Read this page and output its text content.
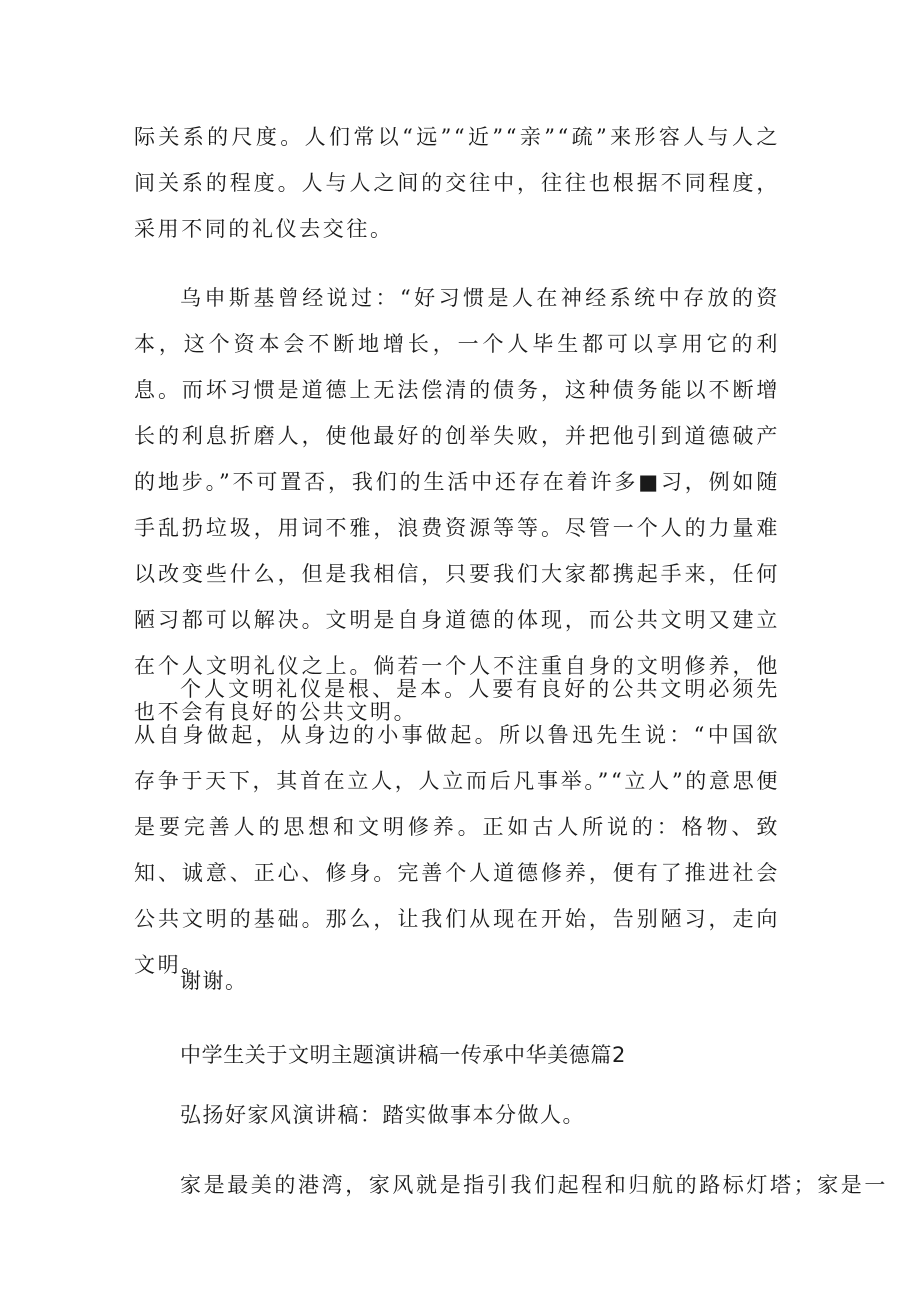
际关系的尺度。人们常以“远”“近”“亲”“疏”来形容人与人之间关系的程度。人与人之间的交往中，往往也根据不同程度，采用不同的礼仪去交往。

乌申斯基曾经说过：“好习惯是人在神经系统中存放的资本，这个资本会不断地增长，一个人毕生都可以享用它的利息。而坏习惯是道德上无法偿清的债务，这种债务能以不断增长的利息折磨人，使他最好的创举失败，并把他引到道德破产的地步。”不可置否，我们的生活中还存在着许多■习，例如随手乱扔垃圾，用词不雅，浪费资源等等。尽管一个人的力量难以改变些什么，但是我相信，只要我们大家都携起手来，任何陋习都可以解决。文明是自身道德的体现，而公共文明又建立在个人文明礼仪之上。倘若一个人不注重自身的文明修养，他也不会有良好的公共文明。

个人文明礼仪是根、是本。人要有良好的公共文明必须先从自身做起，从身边的小事做起。所以鲁迅先生说：“中国欲存争于天下，其首在立人，人立而后凡事举。”“立人”的意思便是要完善人的思想和文明修养。正如古人所说的：格物、致知、诚意、正心、修身。完善个人道德修养，便有了推进社会公共文明的基础。那么，让我们从现在开始，告别陋习，走向文明。

谢谢。

中学生关于文明主题演讲稿一传承中华美德篇2

弘扬好家风演讲稿：踏实做事本分做人。

家是最美的港湾，家风就是指引我们起程和归航的路标灯塔；家是一
